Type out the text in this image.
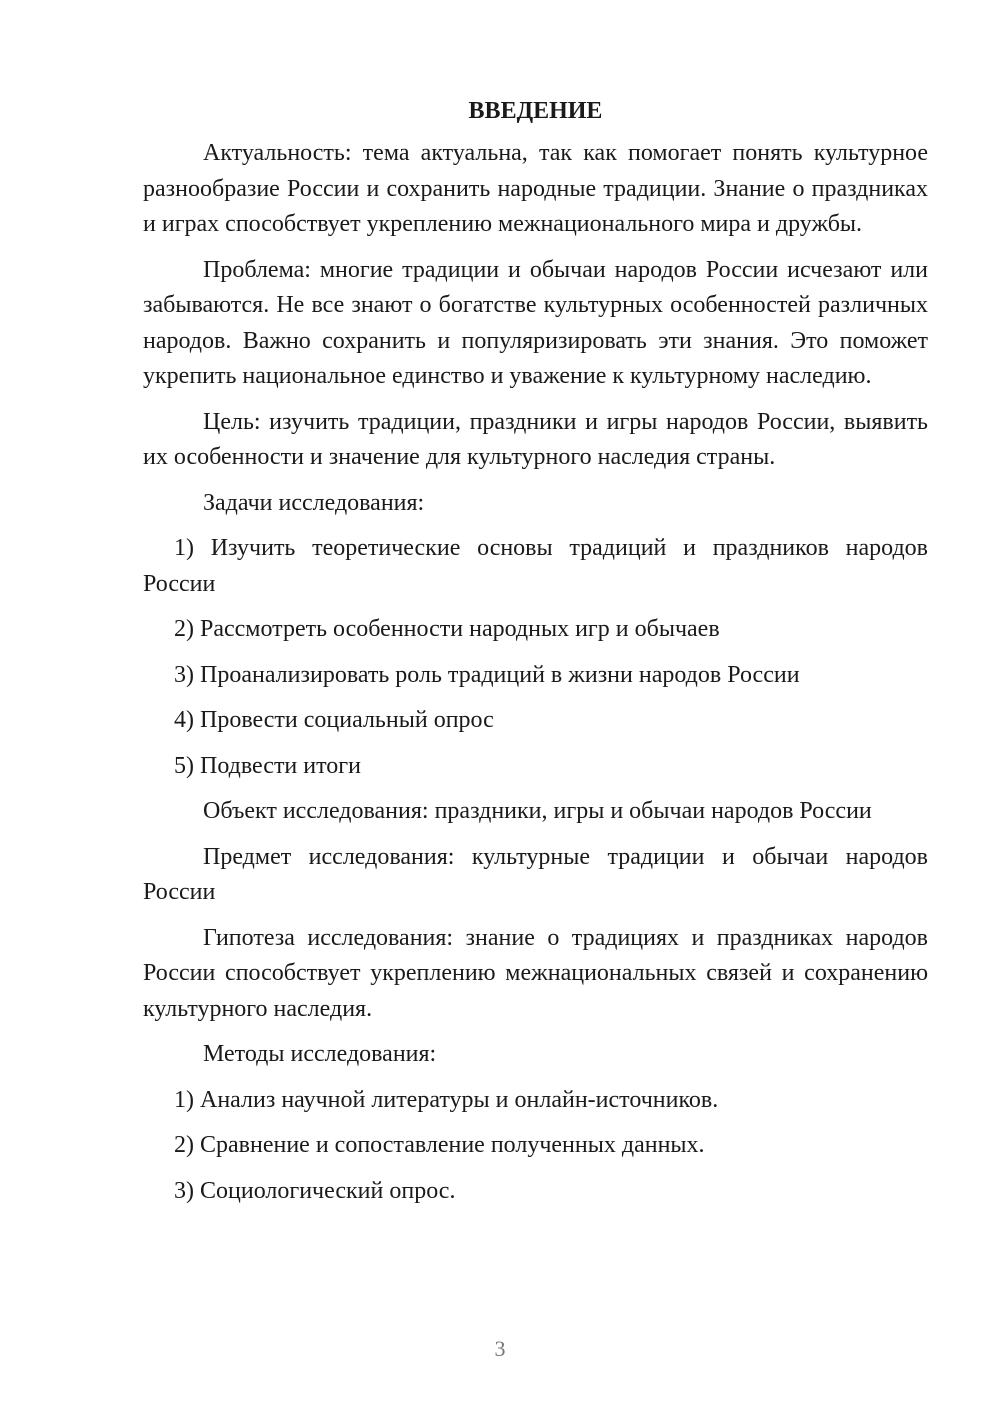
ВВЕДЕНИЕ

Актуальность: тема актуальна, так как помогает понять культурное разнообразие России и сохранить народные традиции. Знание о праздниках и играх способствует укреплению межнационального мира и дружбы.

Проблема: многие традиции и обычаи народов России исчезают или забываются. Не все знают о богатстве культурных особенностей различных народов. Важно сохранить и популяризировать эти знания. Это поможет укрепить национальное единство и уважение к культурному наследию.

Цель: изучить традиции, праздники и игры народов России, выявить их особенности и значение для культурного наследия страны.

Задачи исследования:

1) Изучить теоретические основы традиций и праздников народов России

2) Рассмотреть особенности народных игр и обычаев

3) Проанализировать роль традиций в жизни народов России

4) Провести социальный опрос

5) Подвести итоги

Объект исследования: праздники, игры и обычаи народов России

Предмет исследования: культурные традиции и обычаи народов России

Гипотеза исследования: знание о традициях и праздниках народов России способствует укреплению межнациональных связей и сохранению культурного наследия.

Методы исследования:

1) Анализ научной литературы и онлайн-источников.

2) Сравнение и сопоставление полученных данных.

3) Социологический опрос.

3
